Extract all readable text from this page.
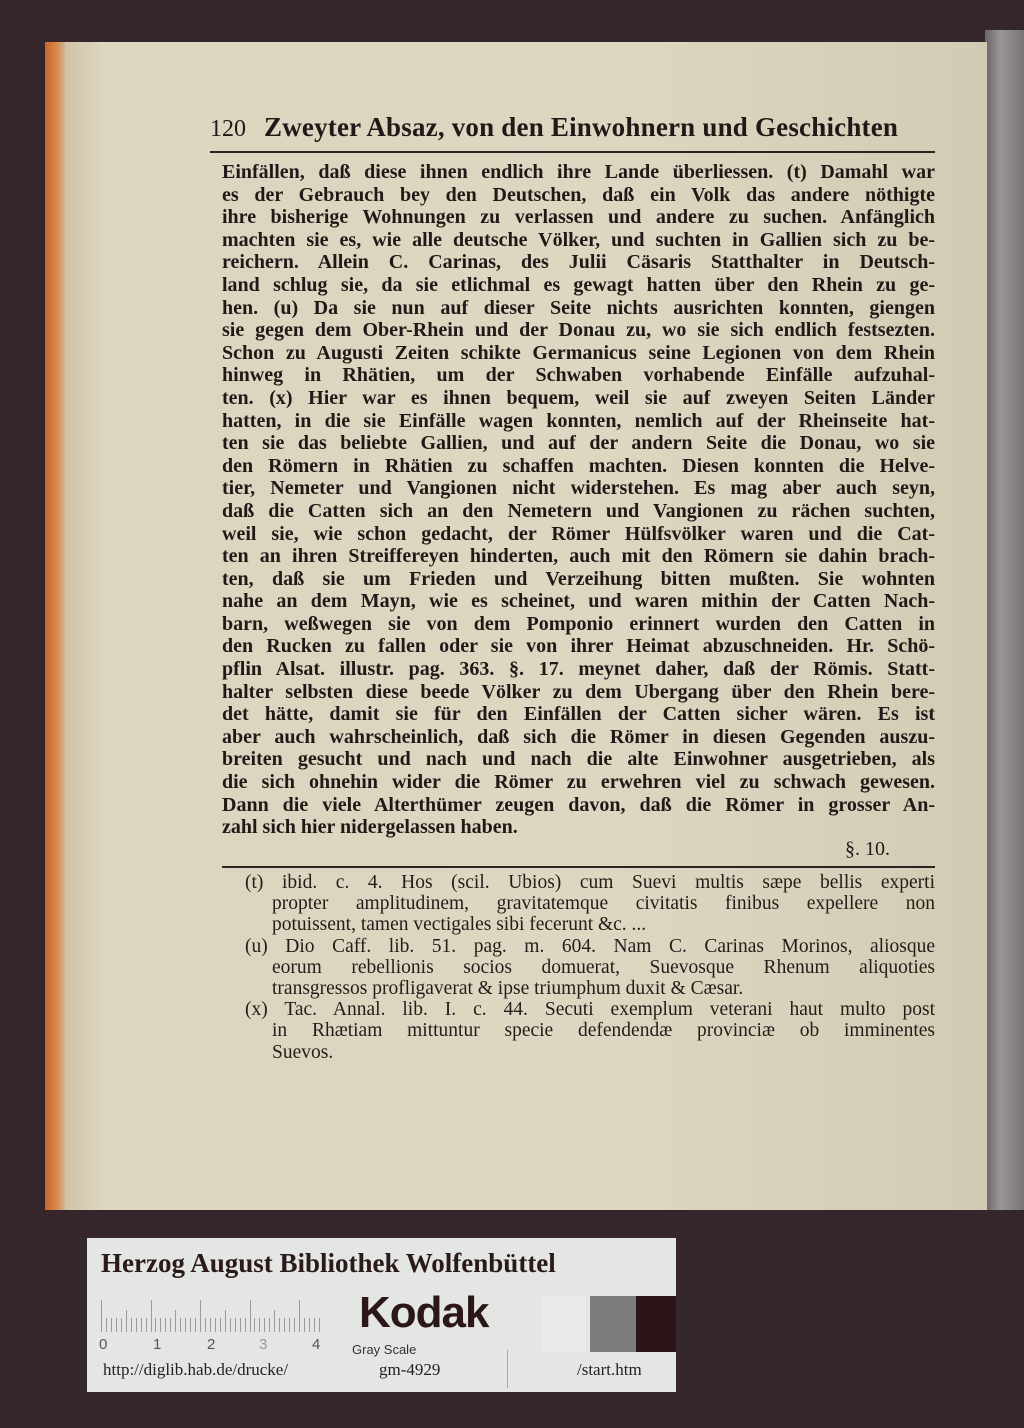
120 Zweyter Absaz, von den Einwohnern und Geschichten
Einfällen, daß diese ihnen endlich ihre Lande überliessen. (t) Damahl war
es der Gebrauch bey den Deutschen, daß ein Volk das andere nöthigte
ihre bisherige Wohnungen zu verlassen und andere zu suchen. Anfänglich
machten sie es, wie alle deutsche Völker, und suchten in Gallien sich zu be-
reichern. Allein C. Carinas, des Julii Cäsaris Statthalter in Deutsch-
land schlug sie, da sie etlichmal es gewagt hatten über den Rhein zu ge-
hen. (u) Da sie nun auf dieser Seite nichts ausrichten konnten, giengen
sie gegen dem Ober-Rhein und der Donau zu, wo sie sich endlich festsezten.
Schon zu Augusti Zeiten schikte Germanicus seine Legionen von dem Rhein
hinweg in Rhätien, um der Schwaben vorhabende Einfälle aufzuhal-
ten. (x) Hier war es ihnen bequem, weil sie auf zweyen Seiten Länder
hatten, in die sie Einfälle wagen konnten, nemlich auf der Rheinseite hat-
ten sie das beliebte Gallien, und auf der andern Seite die Donau, wo sie
den Römern in Rhätien zu schaffen machten. Diesen konnten die Helve-
tier, Nemeter und Vangionen nicht widerstehen. Es mag aber auch seyn,
daß die Catten sich an den Nemetern und Vangionen zu rächen suchten,
weil sie, wie schon gedacht, der Römer Hülfsvölker waren und die Cat-
ten an ihren Streiffereyen hinderten, auch mit den Römern sie dahin brach-
ten, daß sie um Frieden und Verzeihung bitten mußten. Sie wohnten
nahe an dem Mayn, wie es scheinet, und waren mithin der Catten Nach-
barn, weßwegen sie von dem Pomponio erinnert wurden den Catten in
den Rucken zu fallen oder sie von ihrer Heimat abzuschneiden. Hr. Schö-
pflin Alsat. illustr. pag. 363. §. 17. meynet daher, daß der Römis. Statt-
halter selbsten diese beede Völker zu dem Ubergang über den Rhein bere-
det hätte, damit sie für den Einfällen der Catten sicher wären. Es ist
aber auch wahrscheinlich, daß sich die Römer in diesen Gegenden auszu-
breiten gesucht und nach und nach die alte Einwohner ausgetrieben, als
die sich ohnehin wider die Römer zu erwehren viel zu schwach gewesen.
Dann die viele Alterthümer zeugen davon, daß die Römer in grosser An-
zahl sich hier nidergelassen haben.
§. 10.
(t) ibid. c. 4. Hos (scil. Ubios) cum Suevi multis sæpe bellis experti
propter amplitudinem, gravitatemque civitatis finibus expellere non
potuissent, tamen vectigales sibi fecerunt &c. ...
(u) Dio Caff. lib. 51. pag. m. 604. Nam C. Carinas Morinos, aliosque
eorum rebellionis socios domuerat, Suevosque Rhenum aliquoties
transgressos profligaverat & ipse triumphum duxit & Cæsar.
(x) Tac. Annal. lib. I. c. 44. Secuti exemplum veterani haut multo post
in Rhætiam mittuntur specie defendendæ provinciæ ob imminentes
Suevos.
Herzog August Bibliothek Wolfenbüttel
0	1	2	3	4
Kodak
Gray Scale
http://diglib.hab.de/drucke/	gm-4929	/start.htm
